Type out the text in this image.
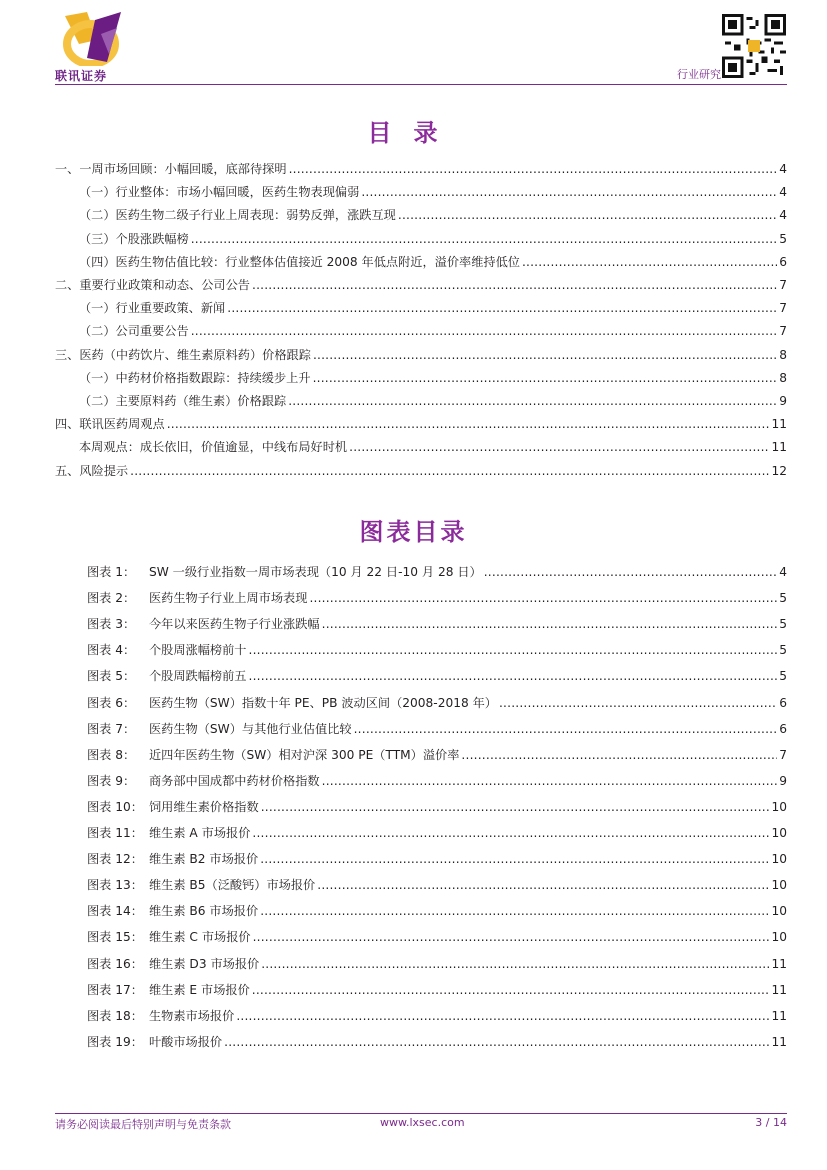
联讯证券	行业研究
目录
一、一周市场回顾：小幅回暖，底部待探明 .....	4
（一）行业整体：市场小幅回暖，医药生物表现偏弱 .....	4
（二）医药生物二级子行业上周表现：弱势反弹，涨跌互现 .....	4
（三）个股涨跌幅榜 .....	5
（四）医药生物估值比较：行业整体估值接近 2008 年低点附近，溢价率维持低位 .....	6
二、重要行业政策和动态、公司公告 .....	7
（一）行业重要政策、新闻 .....	7
（二）公司重要公告 .....	7
三、医药（中药饮片、维生素原料药）价格跟踪 .....	8
（一）中药材价格指数跟踪：持续缓步上升 .....	8
（二）主要原料药（维生素）价格跟踪 .....	9
四、联讯医药周观点 .....	11
本周观点：成长依旧，价值逾显，中线布局好时机 .....	11
五、风险提示 .....	12
图表目录
图表 1： SW 一级行业指数一周市场表现（10 月 22 日-10 月 28 日） .....	4
图表 2： 医药生物子行业上周市场表现 .....	5
图表 3： 今年以来医药生物子行业涨跌幅 .....	5
图表 4： 个股周涨幅榜前十 .....	5
图表 5： 个股周跌幅榜前五 .....	5
图表 6： 医药生物（SW）指数十年 PE、PB 波动区间（2008-2018 年） .....	6
图表 7： 医药生物（SW）与其他行业估值比较 .....	6
图表 8： 近四年医药生物（SW）相对沪深 300 PE（TTM）溢价率 .....	7
图表 9： 商务部中国成都中药材价格指数 .....	9
图表 10： 饲用维生素价格指数 .....	10
图表 11： 维生素 A 市场报价 .....	10
图表 12： 维生素 B2 市场报价 .....	10
图表 13： 维生素 B5（泛酸钙）市场报价 .....	10
图表 14： 维生素 B6 市场报价 .....	10
图表 15： 维生素 C 市场报价 .....	10
图表 16： 维生素 D3 市场报价 .....	11
图表 17： 维生素 E 市场报价 .....	11
图表 18： 生物素市场报价 .....	11
图表 19： 叶酸市场报价 .....	11
请务必阅读最后特别声明与免责条款	www.lxsec.com	3 / 14
